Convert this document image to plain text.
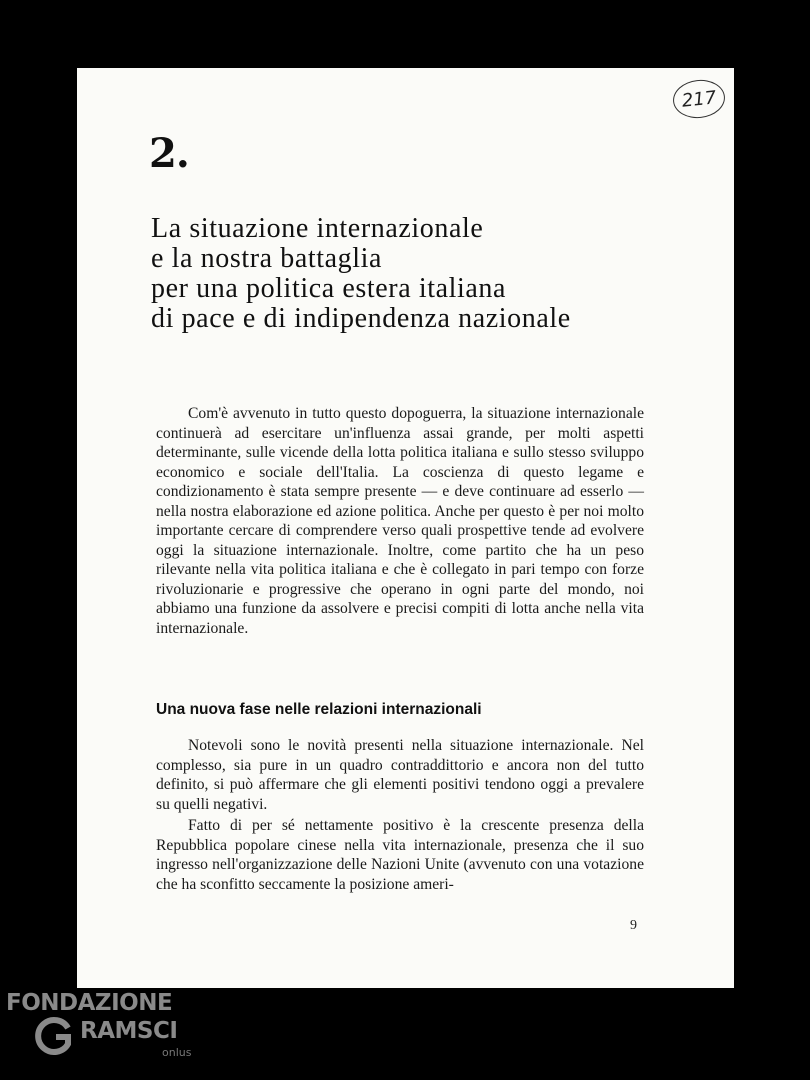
217
2.
La situazione internazionale
e la nostra battaglia
per una politica estera italiana
di pace e di indipendenza nazionale

Com'è avvenuto in tutto questo dopoguerra, la situazione internazionale continuerà ad esercitare un'influenza assai grande, per molti aspetti determinante, sulle vicende della lotta politica italiana e sullo stesso sviluppo economico e sociale dell'Italia. La coscienza di questo legame e condizionamento è stata sempre presente — e deve continuare ad esserlo — nella nostra elaborazione ed azione politica. Anche per questo è per noi molto importante cercare di comprendere verso quali prospettive tende ad evolvere oggi la situazione internazionale. Inoltre, come partito che ha un peso rilevante nella vita politica italiana e che è collegato in pari tempo con forze rivoluzionarie e progressive che operano in ogni parte del mondo, noi abbiamo una funzione da assolvere e precisi compiti di lotta anche nella vita internazionale.

Una nuova fase nelle relazioni internazionali

Notevoli sono le novità presenti nella situazione internazionale. Nel complesso, sia pure in un quadro contraddittorio e ancora non del tutto definito, si può affermare che gli elementi positivi tendono oggi a prevalere su quelli negativi.

Fatto di per sé nettamente positivo è la crescente presenza della Repubblica popolare cinese nella vita internazionale, presenza che il suo ingresso nell'organizzazione delle Nazioni Unite (avvenuto con una votazione che ha sconfitto seccamente la posizione ameri-

9
FONDAZIONE
RAMSCI
onlus
